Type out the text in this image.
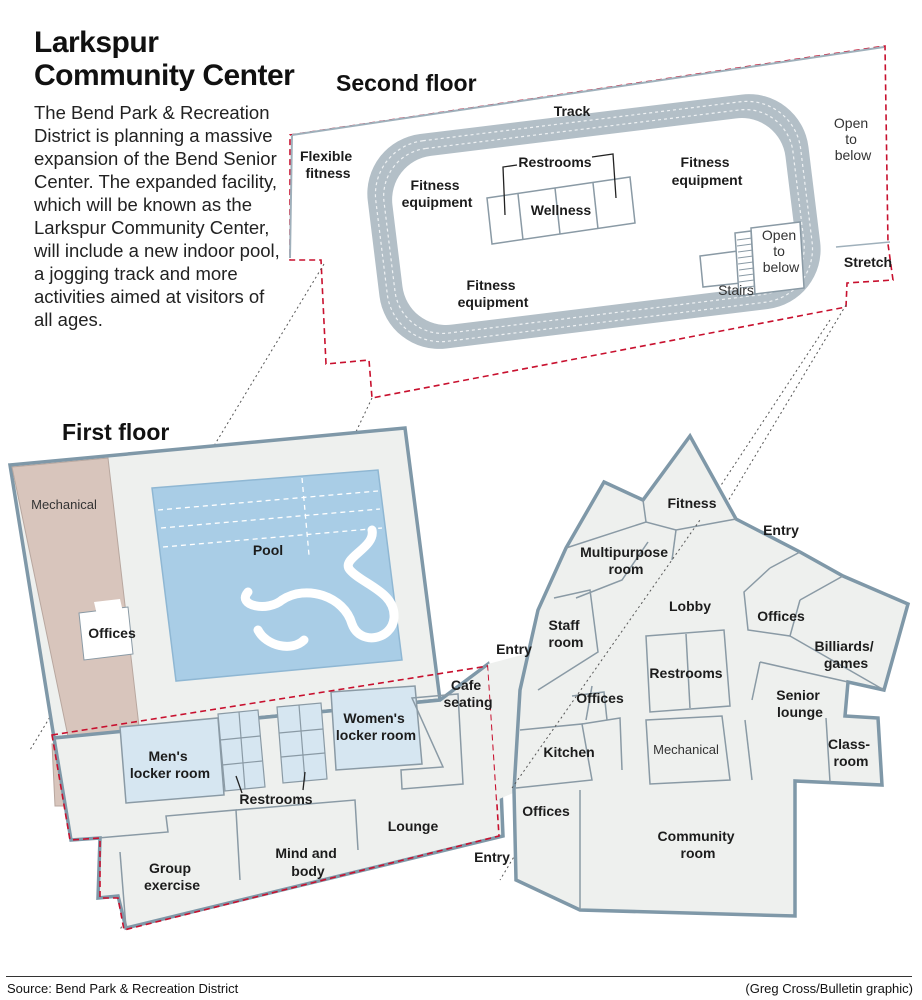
Track
Flexible fitness
Fitness equipment
Fitness equipment
Fitness equipment
Restrooms
Wellness
Open to below
Open to below
Stairs
Stretch
Mechanical
Offices
Pool
Cafe seating
Women's locker room
Men's locker room
Restrooms
Lounge
Group exercise
Mind and body
Entry
Entry
Entry
Fitness
Multipurpose room
Lobby
Staff room
Offices
Billiards/ games
Restrooms
Offices
Kitchen	Mechanical
Senior lounge
Class- room
Offices
Community room
Larkspur
Community Center
The Bend Park & Recreation District is planning a massive expansion of the Bend Senior Center. The expanded facility, which will be known as the Larkspur Community Center, will include a new indoor pool, a jogging track and more activities aimed at visitors of all ages.
Second floor
First floor
Source: Bend Park & Recreation District	(Greg Cross/Bulletin graphic)
